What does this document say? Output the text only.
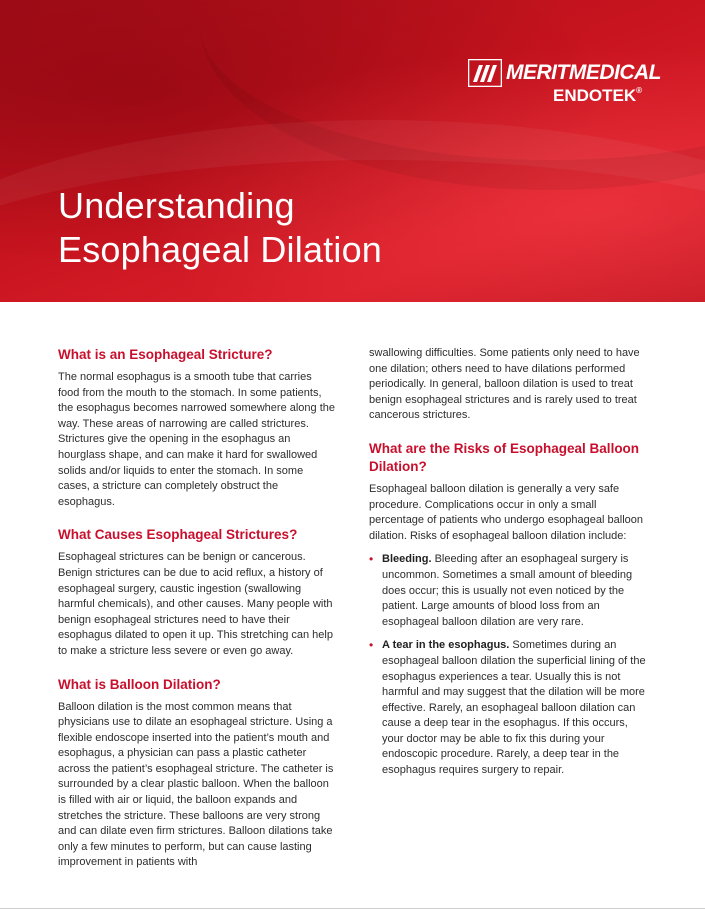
MERITMEDICAL
ENDOTEK®
Understanding
Esophageal Dilation
What is an Esophageal Stricture?

The normal esophagus is a smooth tube that carries food from the mouth to the stomach. In some patients, the esophagus becomes narrowed somewhere along the way. These areas of narrowing are called strictures. Strictures give the opening in the esophagus an hourglass shape, and can make it hard for swallowed solids and/or liquids to enter the stomach. In some cases, a stricture can completely obstruct the esophagus.

What Causes Esophageal Strictures?

Esophageal strictures can be benign or cancerous. Benign strictures can be due to acid reflux, a history of esophageal surgery, caustic ingestion (swallowing harmful chemicals), and other causes. Many people with benign esophageal strictures need to have their esophagus dilated to open it up. This stretching can help to make a stricture less severe or even go away.

What is Balloon Dilation?

Balloon dilation is the most common means that physicians use to dilate an esophageal stricture. Using a flexible endoscope inserted into the patient’s mouth and esophagus, a physician can pass a plastic catheter across the patient’s esophageal stricture. The catheter is surrounded by a clear plastic balloon. When the balloon is filled with air or liquid, the balloon expands and stretches the stricture. These balloons are very strong and can dilate even firm strictures. Balloon dilations take only a few minutes to perform, but can cause lasting improvement in patients with

swallowing difficulties. Some patients only need to have one dilation; others need to have dilations performed periodically. In general, balloon dilation is used to treat benign esophageal strictures and is rarely used to treat cancerous strictures.

What are the Risks of Esophageal Balloon Dilation?

Esophageal balloon dilation is generally a very safe procedure. Complications occur in only a small percentage of patients who undergo esophageal balloon dilation. Risks of esophageal balloon dilation include:

• Bleeding. Bleeding after an esophageal surgery is uncommon. Sometimes a small amount of bleeding does occur; this is usually not even noticed by the patient. Large amounts of blood loss from an esophageal balloon dilation are very rare.
• A tear in the esophagus. Sometimes during an esophageal balloon dilation the superficial lining of the esophagus experiences a tear. Usually this is not harmful and may suggest that the dilation will be more effective. Rarely, an esophageal balloon dilation can cause a deep tear in the esophagus. If this occurs, your doctor may be able to fix this during your endoscopic procedure. Rarely, a deep tear in the esophagus requires surgery to repair.
